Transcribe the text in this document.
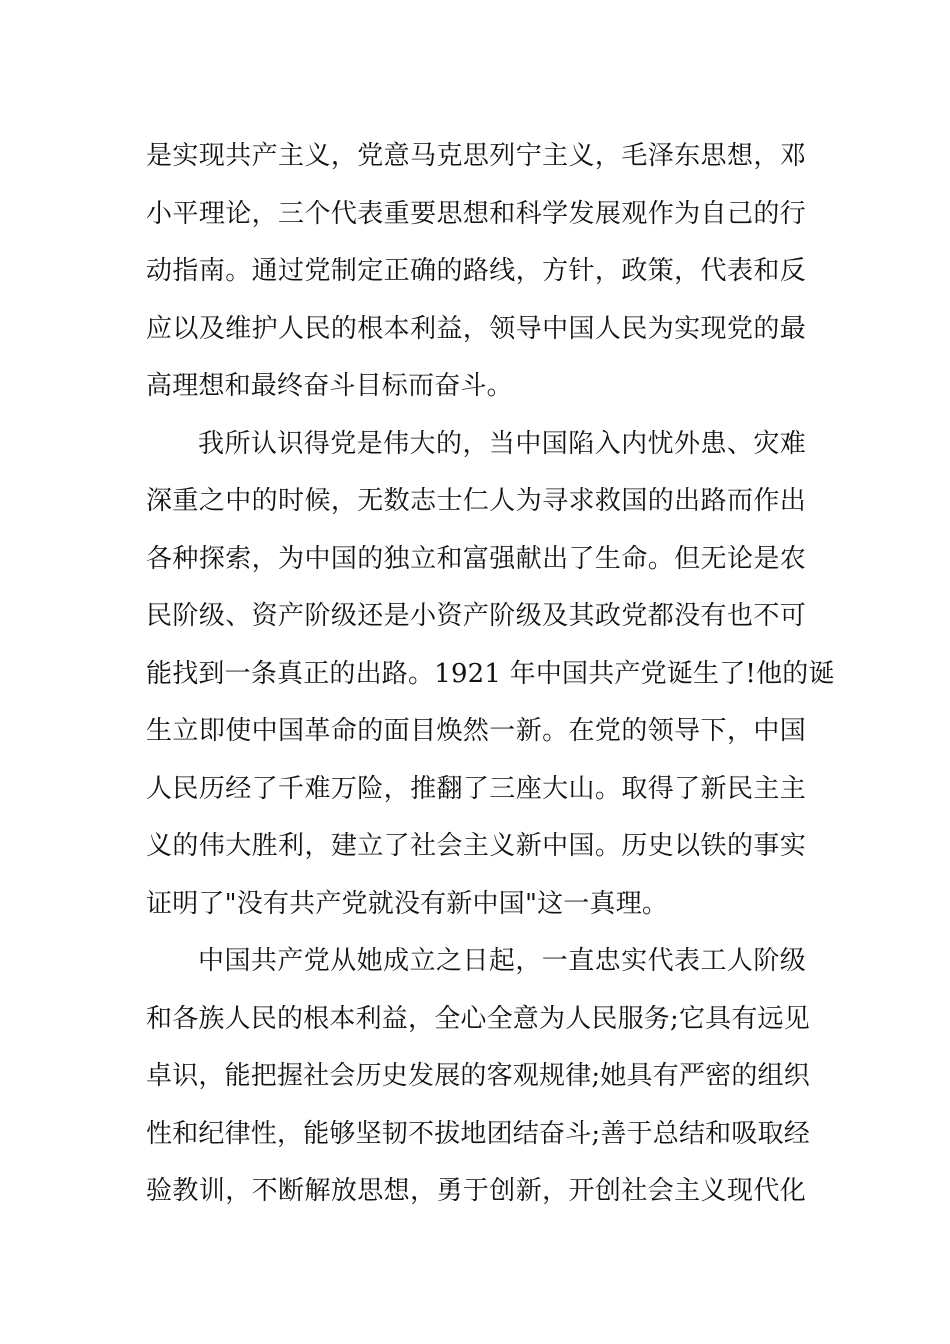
是实现共产主义，党意马克思列宁主义，毛泽东思想，邓
小平理论，三个代表重要思想和科学发展观作为自己的行
动指南。通过党制定正确的路线，方针，政策，代表和反
应以及维护人民的根本利益，领导中国人民为实现党的最
高理想和最终奋斗目标而奋斗。
我所认识得党是伟大的，当中国陷入内忧外患、灾难
深重之中的时候，无数志士仁人为寻求救国的出路而作出
各种探索，为中国的独立和富强献出了生命。但无论是农
民阶级、资产阶级还是小资产阶级及其政党都没有也不可
能找到一条真正的出路。1921 年中国共产党诞生了!他的诞
生立即使中国革命的面目焕然一新。在党的领导下，中国
人民历经了千难万险，推翻了三座大山。取得了新民主主
义的伟大胜利，建立了社会主义新中国。历史以铁的事实
证明了"没有共产党就没有新中国"这一真理。
中国共产党从她成立之日起，一直忠实代表工人阶级
和各族人民的根本利益，全心全意为人民服务;它具有远见
卓识，能把握社会历史发展的客观规律;她具有严密的组织
性和纪律性，能够坚韧不拔地团结奋斗;善于总结和吸取经
验教训，不断解放思想，勇于创新，开创社会主义现代化
